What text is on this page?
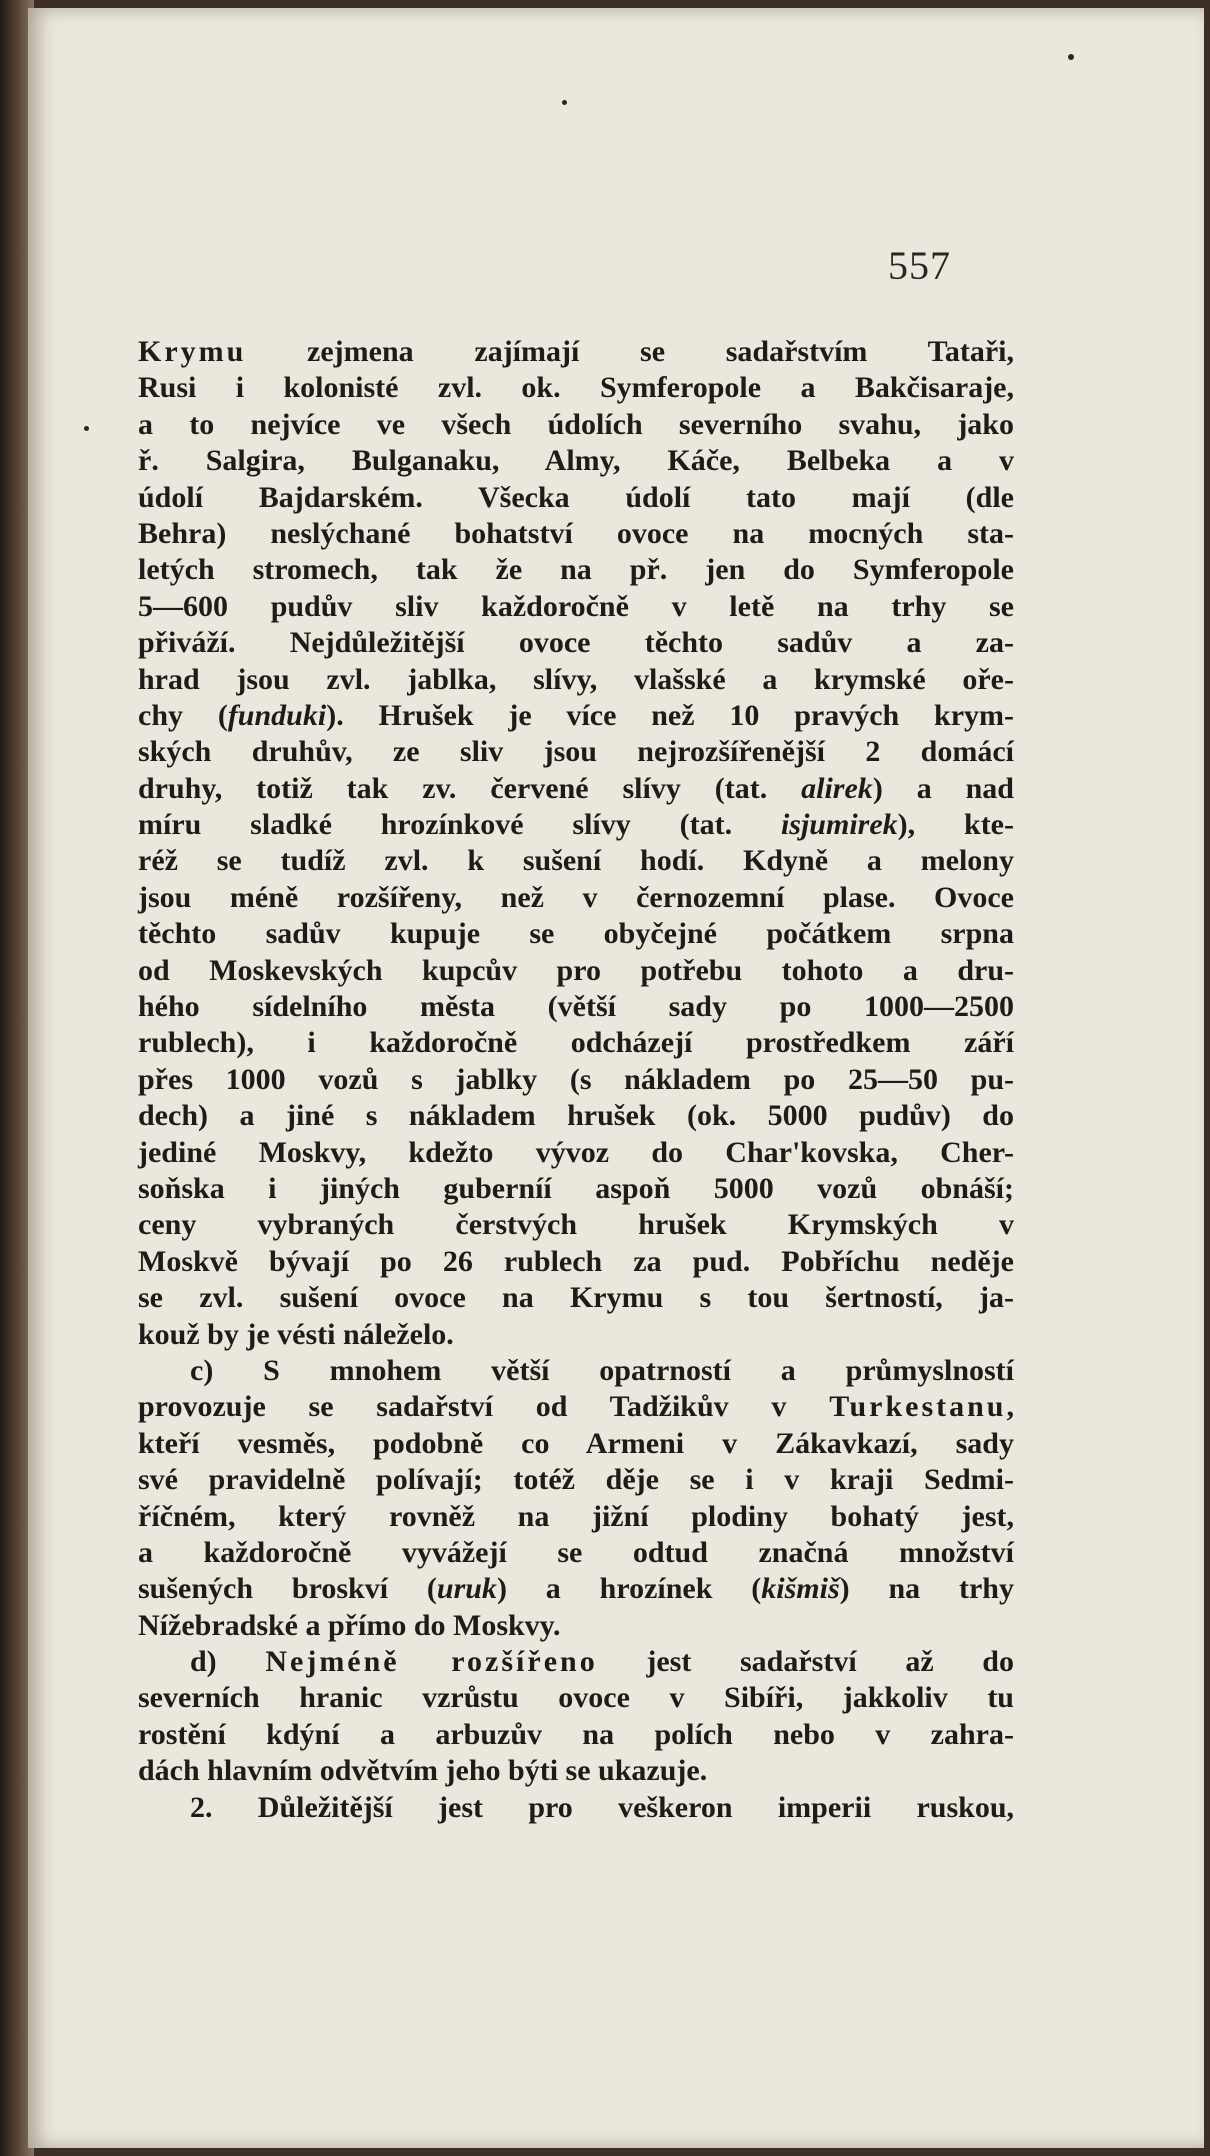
557
Krymu zejmena zajímají se sadařstvím Tataři,
Rusi i kolonisté zvl. ok. Symferopole a Bakčisaraje,
a to nejvíce ve všech údolích severního svahu, jako
ř. Salgira, Bulganaku, Almy, Káče, Belbeka a v
údolí Bajdarském. Všecka údolí tato mají (dle
Behra) neslýchané bohatství ovoce na mocných sta-
letých stromech, tak že na př. jen do Symferopole
5—600 pudův sliv každoročně v letě na trhy se
přiváží. Nejdůležitější ovoce těchto sadův a za-
hrad jsou zvl. jablka, slívy, vlašské a krymské ořе-
chy (funduki). Hrušek je více než 10 pravých krym-
ských druhův, ze sliv jsou nejrozšířenější 2 domácí
druhy, totiž tak zv. červené slívy (tat. alirek) a nad
míru sladké hrozínkové slívy (tat. isjumirek), kte-
réž se tudíž zvl. k sušení hodí. Kdyně a melony
jsou méně rozšířeny, než v černozemní plase. Ovoce
těchto sadův kupuje se obyčejné počátkem srpna
od Moskevských kupcův pro potřebu tohoto a dru-
hého sídelního města (větší sady po 1000—2500
rublech), i každoročně odcházejí prostředkem září
přes 1000 vozů s jablky (s nákladem po 25—50 pu-
dech) a jiné s nákladem hrušek (ok. 5000 pudův) do
jediné Moskvy, kdežto vývoz do Char'kovska, Cher-
soňska i jiných guberníí aspoň 5000 vozů obnáší;
ceny vybraných čerstvých hrušek Krymských v
Moskvě bývají po 26 rublech za pud. Pobříchu neděje
se zvl. sušení ovoce na Krymu s tou šertností, ja-
kouž by je vésti náleželo.
c) S mnohem větší opatrností a průmyslností
provozuje se sadařství od Tadžikův v Turkestanu,
kteří vesměs, podobně co Armeni v Zákavkazí, sady
své pravidelně polívají; totéž děje se i v kraji Sedmi-
říčném, který rovněž na jižní plodiny bohatý jest,
a každoročně vyvážejí se odtud značná množství
sušených broskví (uruk) a hrozínek (kišmiš) na trhy
Nížebradské a přímo do Moskvy.
d) Nejméně rozšířeno jest sadařství až do
severních hranic vzrůstu ovoce v Sibíři, jakkoliv tu
rostění kdýní a arbuzův na polích nebo v zahra-
dách hlavním odvětvím jeho býti se ukazuje.
2. Důležitější jest pro veškeron imperii ruskou,
